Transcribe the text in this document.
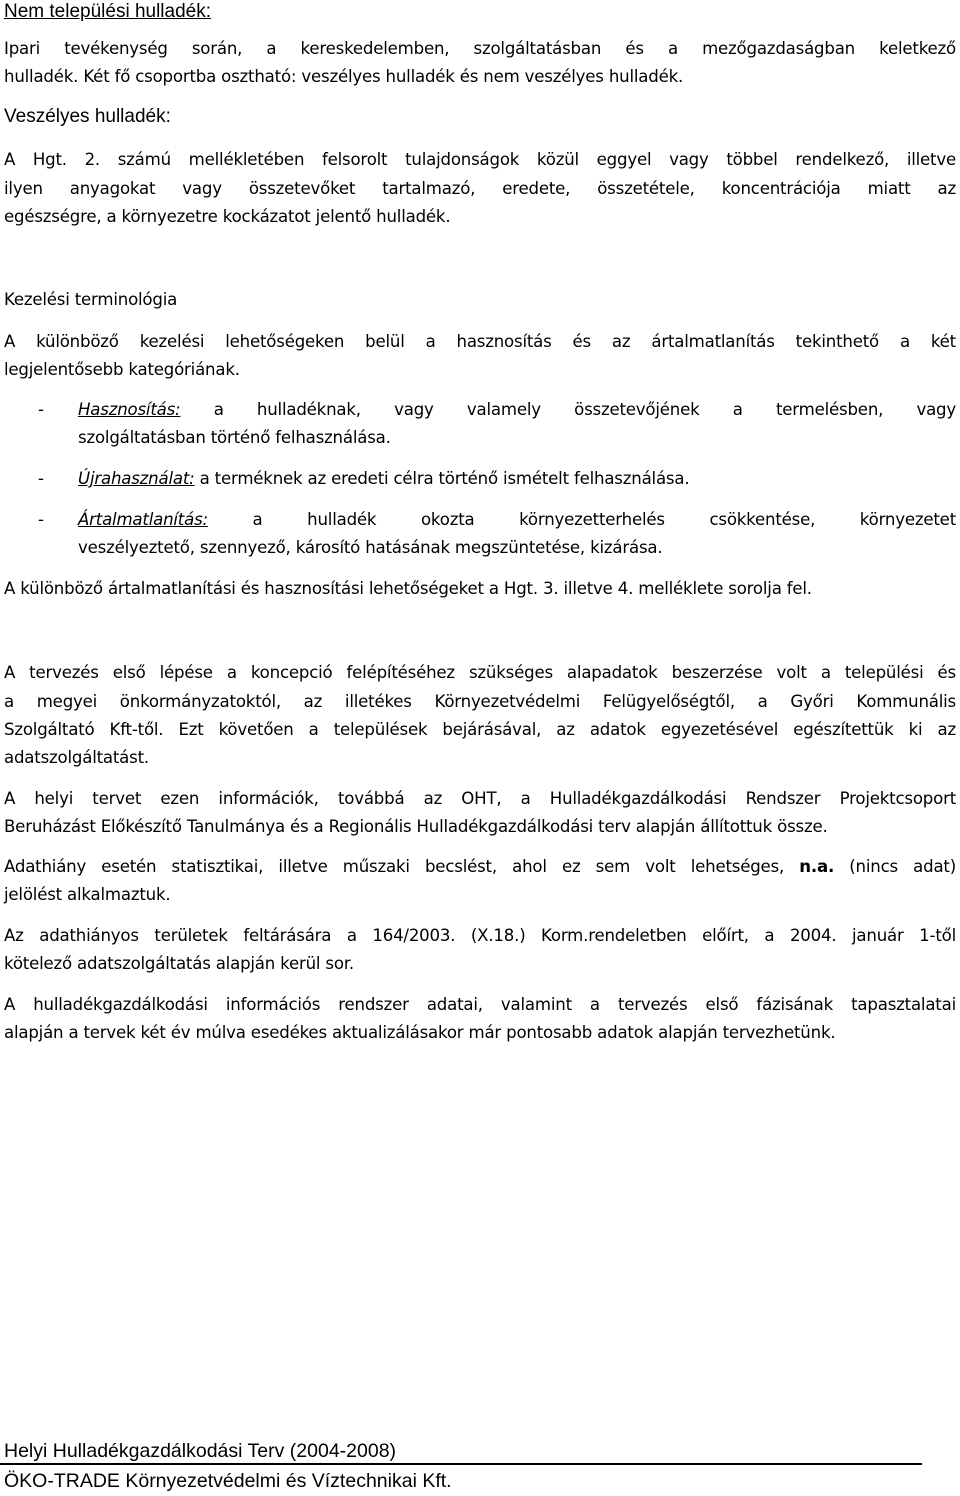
Nem települési hulladék:
Ipari tevékenység során, a kereskedelemben, szolgáltatásban és a mezőgazdaságban keletkező
hulladék. Két fő csoportba osztható: veszélyes hulladék és nem veszélyes hulladék.
Veszélyes hulladék:
A Hgt. 2. számú mellékletében felsorolt tulajdonságok közül eggyel vagy többel rendelkező, illetve
ilyen anyagokat vagy összetevőket tartalmazó, eredete, összetétele, koncentrációja miatt az
egészségre, a környezetre kockázatot jelentő hulladék.
Kezelési terminológia
A különböző kezelési lehetőségeken belül a hasznosítás és az ártalmatlanítás tekinthető a két
legjelentősebb kategóriának.
- Hasznosítás: a hulladéknak, vagy valamely összetevőjének a termelésben, vagy
szolgáltatásban történő felhasználása.
- Újrahasználat: a terméknek az eredeti célra történő ismételt felhasználása.
- Ártalmatlanítás: a hulladék okozta környezetterhelés csökkentése, környezetet
veszélyeztető, szennyező, károsító hatásának megszüntetése, kizárása.
A különböző ártalmatlanítási és hasznosítási lehetőségeket a Hgt. 3. illetve 4. melléklete sorolja fel.
A tervezés első lépése a koncepció felépítéséhez szükséges alapadatok beszerzése volt a települési és
a megyei önkormányzatoktól, az illetékes Környezetvédelmi Felügyelőségtől, a Győri Kommunális
Szolgáltató Kft-től. Ezt követően a települések bejárásával, az adatok egyezetésével egészítettük ki az
adatszolgáltatást.
A helyi tervet ezen információk, továbbá az OHT, a Hulladékgazdálkodási Rendszer Projektcsoport
Beruházást Előkészítő Tanulmánya és a Regionális Hulladékgazdálkodási terv alapján állítottuk össze.
Adathiány esetén statisztikai, illetve műszaki becslést, ahol ez sem volt lehetséges, n.a. (nincs adat)
jelölést alkalmaztuk.
Az adathiányos területek feltárására a 164/2003. (X.18.) Korm.rendeletben előírt, a 2004. január 1-től
kötelező adatszolgáltatás alapján kerül sor.
A hulladékgazdálkodási információs rendszer adatai, valamint a tervezés első fázisának tapasztalatai
alapján a tervek két év múlva esedékes aktualizálásakor már pontosabb adatok alapján tervezhetünk.
Helyi Hulladékgazdálkodási Terv (2004-2008)
ÖKO-TRADE Környezetvédelmi és Víztechnikai Kft.
